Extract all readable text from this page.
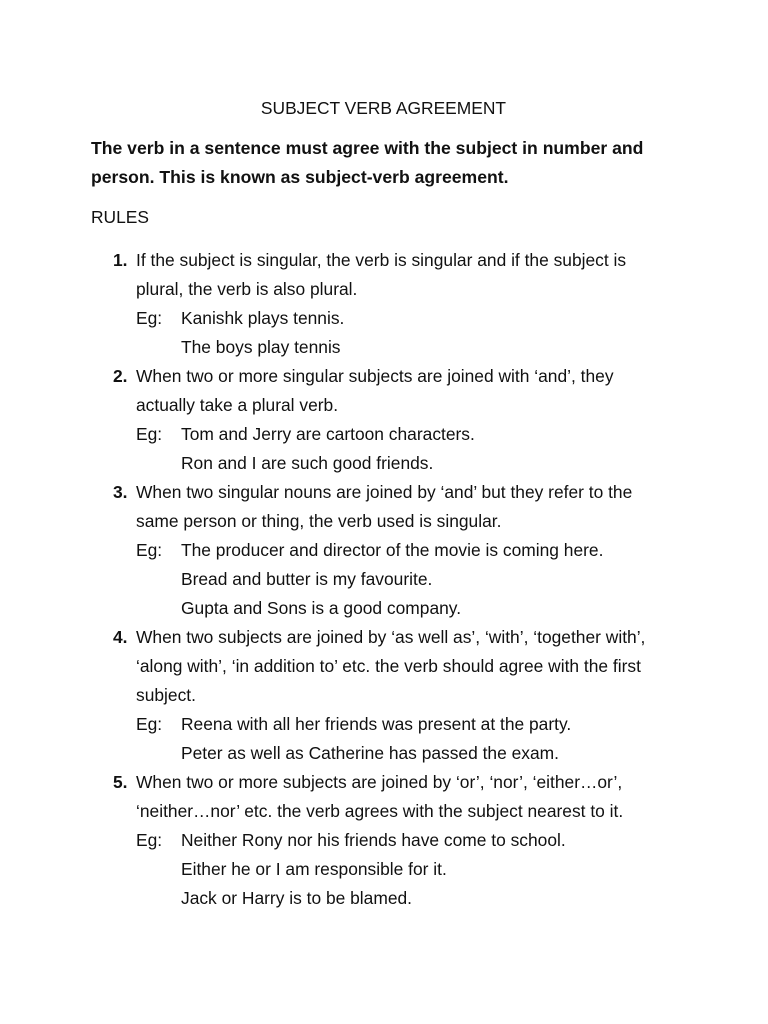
SUBJECT VERB AGREEMENT

The verb in a sentence must agree with the subject in number and person. This is known as subject-verb agreement.

RULES

1. If the subject is singular, the verb is singular and if the subject is plural, the verb is also plural.
Eg:	Kanishk plays tennis.
The boys play tennis
2. When two or more singular subjects are joined with ‘and’, they actually take a plural verb.
Eg:	Tom and Jerry are cartoon characters.
Ron and I are such good friends.
3. When two singular nouns are joined by ‘and’ but they refer to the same person or thing, the verb used is singular.
Eg:	The producer and director of the movie is coming here.
Bread and butter is my favourite.
Gupta and Sons is a good company.
4. When two subjects are joined by ‘as well as’, ‘with’, ‘together with’, ‘along with’, ‘in addition to’ etc. the verb should agree with the first subject.
Eg:	Reena with all her friends was present at the party.
Peter as well as Catherine has passed the exam.
5. When two or more subjects are joined by ‘or’, ‘nor’, ‘either…or’, ‘neither…nor’ etc. the verb agrees with the subject nearest to it.
Eg:	Neither Rony nor his friends have come to school.
Either he or I am responsible for it.
Jack or Harry is to be blamed.
